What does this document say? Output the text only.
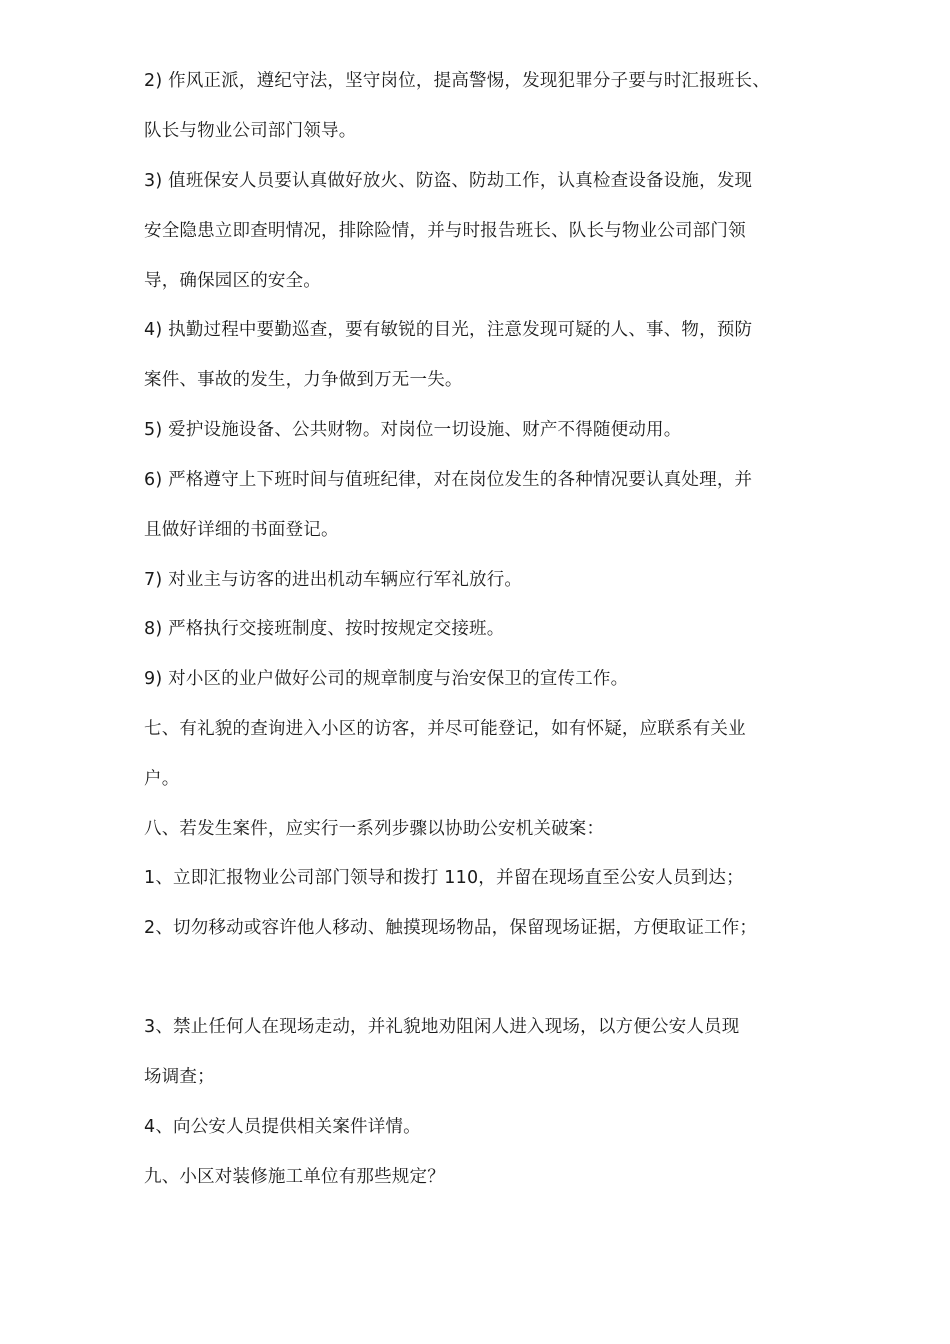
2) 作风正派，遵纪守法，坚守岗位，提高警惕，发现犯罪分子要与时汇报班长、
队长与物业公司部门领导。
3) 值班保安人员要认真做好放火、防盗、防劫工作，认真检查设备设施，发现
安全隐患立即查明情况，排除险情，并与时报告班长、队长与物业公司部门领
导，确保园区的安全。
4) 执勤过程中要勤巡查，要有敏锐的目光，注意发现可疑的人、事、物，预防
案件、事故的发生，力争做到万无一失。
5) 爱护设施设备、公共财物。对岗位一切设施、财产不得随便动用。
6) 严格遵守上下班时间与值班纪律，对在岗位发生的各种情况要认真处理，并
且做好详细的书面登记。
7) 对业主与访客的进出机动车辆应行军礼放行。
8) 严格执行交接班制度、按时按规定交接班。
9) 对小区的业户做好公司的规章制度与治安保卫的宣传工作。
七、有礼貌的查询进入小区的访客，并尽可能登记，如有怀疑，应联系有关业
户。
八、若发生案件，应实行一系列步骤以协助公安机关破案：
1、立即汇报物业公司部门领导和拨打 110，并留在现场直至公安人员到达；
2、切勿移动或容许他人移动、触摸现场物品，保留现场证据，方便取证工作；
3、禁止任何人在现场走动，并礼貌地劝阻闲人进入现场，以方便公安人员现
场调查；
4、向公安人员提供相关案件详情。
九、小区对装修施工单位有那些规定？
